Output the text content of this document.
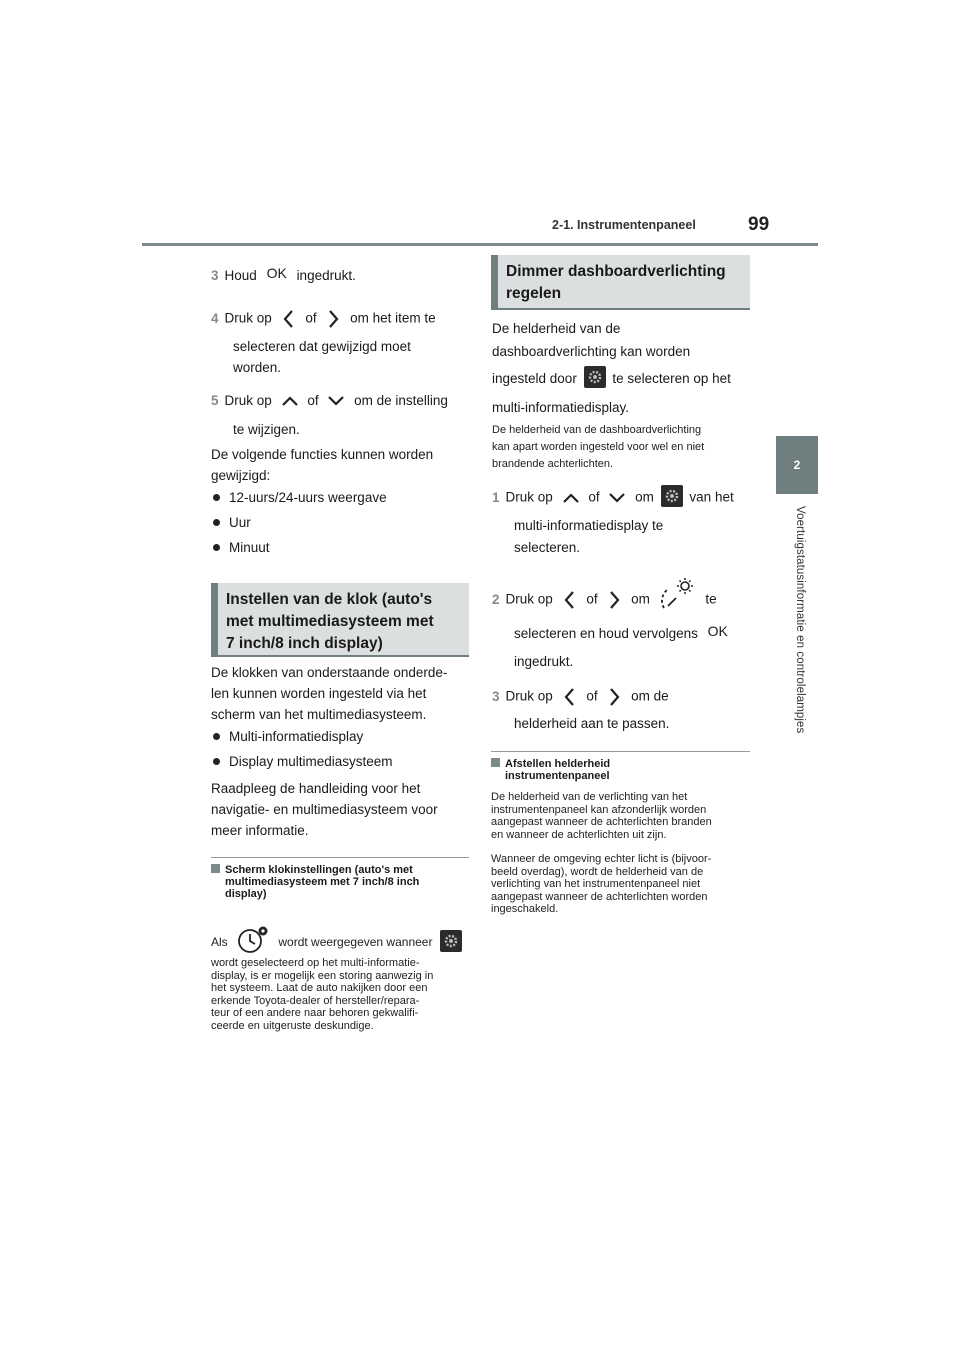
2-1. Instrumentenpaneel	99
2
Voertuigstatusinformatie en controlelampjes
3 Houd OK ingedrukt.
4 Druk op of om het item te
selecteren dat gewijzigd moet
worden.
5 Druk op	of	om de instelling
te wijzigen.
De volgende functies kunnen worden
gewijzigd:
12-uurs/24-uurs weergave
Uur
Minuut
Instellen van de klok (auto's
met multimediasysteem met
7 inch/8 inch display)
De klokken van onderstaande onderde-
len kunnen worden ingesteld via het
scherm van het multimediasysteem.
Multi-informatiedisplay
Display multimediasysteem
Raadpleeg de handleiding voor het
navigatie- en multimediasysteem voor
meer informatie.
Scherm klokinstellingen (auto's met
multimediasysteem met 7 inch/8 inch
display)
Als	wordt weergegeven wanneer
wordt geselecteerd op het multi-informatie-
display, is er mogelijk een storing aanwezig in
het systeem. Laat de auto nakijken door een
erkende Toyota-dealer of hersteller/repara-
teur of een andere naar behoren gekwalifi-
ceerde en uitgeruste deskundige.
Dimmer dashboardverlichting
regelen
De helderheid van de
dashboardverlichting kan worden
ingesteld door	te selecteren op het
multi-informatiedisplay.
De helderheid van de dashboardverlichting
kan apart worden ingesteld voor wel en niet
brandende achterlichten.
1 Druk op	of	om	van het
multi-informatiedisplay te
selecteren.
2 Druk op of om	te
selecteren en houd vervolgens OK
ingedrukt.
3 Druk op of om de
helderheid aan te passen.
Afstellen helderheid
instrumentenpaneel
De helderheid van de verlichting van het
instrumentenpaneel kan afzonderlijk worden
aangepast wanneer de achterlichten branden
en wanneer de achterlichten uit zijn.
Wanneer de omgeving echter licht is (bijvoor-
beeld overdag), wordt de helderheid van de
verlichting van het instrumentenpaneel niet
aangepast wanneer de achterlichten worden
ingeschakeld.
